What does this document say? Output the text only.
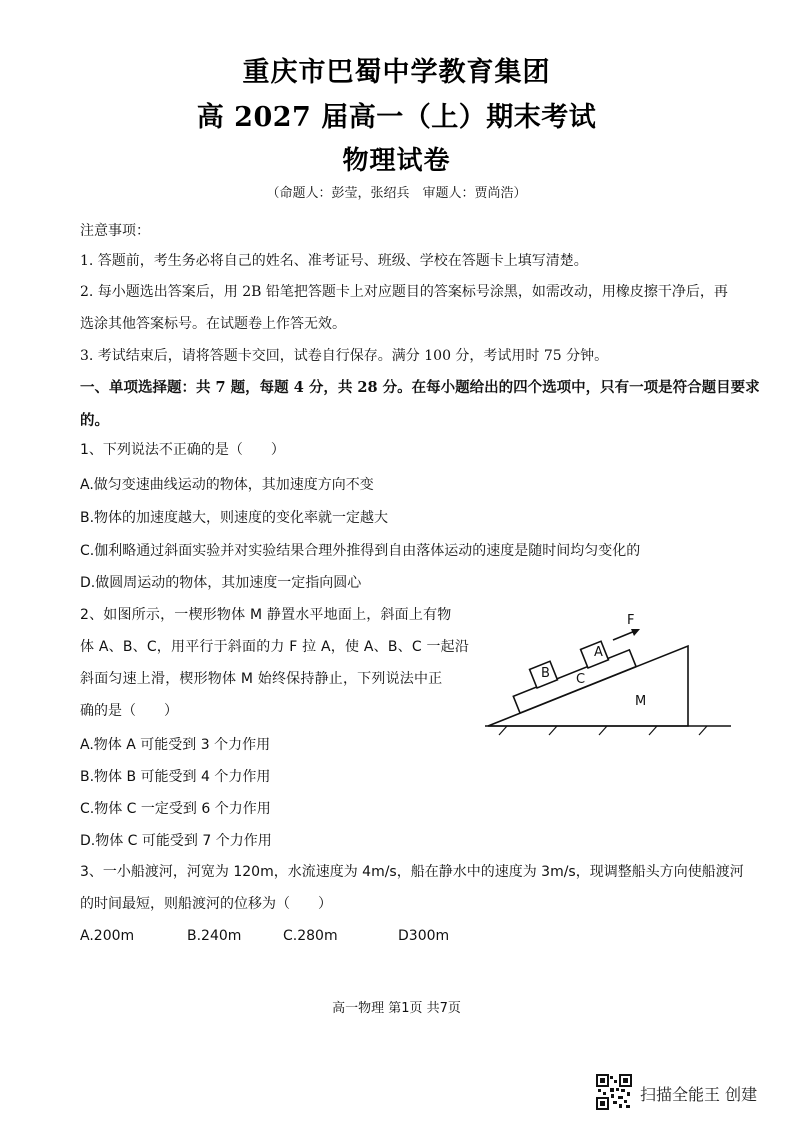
重庆市巴蜀中学教育集团
高 2027 届高一（上）期末考试
物理试卷
（命题人：彭莹，张绍兵　审题人：贾尚浩）
注意事项：
1. 答题前，考生务必将自己的姓名、准考证号、班级、学校在答题卡上填写清楚。
2. 每小题选出答案后，用 2B 铅笔把答题卡上对应题目的答案标号涂黑，如需改动，用橡皮擦干净后，再
选涂其他答案标号。在试题卷上作答无效。
3. 考试结束后，请将答题卡交回，试卷自行保存。满分 100 分，考试用时 75 分钟。
一、单项选择题：共 7 题，每题 4 分，共 28 分。在每小题给出的四个选项中，只有一项是符合题目要求
的。
1、下列说法不正确的是（　　）
A.做匀变速曲线运动的物体，其加速度方向不变
B.物体的加速度越大，则速度的变化率就一定越大
C.伽利略通过斜面实验并对实验结果合理外推得到自由落体运动的速度是随时间均匀变化的
D.做圆周运动的物体，其加速度一定指向圆心
2、如图所示，一楔形物体 M 静置水平地面上，斜面上有物
体 A、B、C，用平行于斜面的力 F 拉 A，使 A、B、C 一起沿
斜面匀速上滑，楔形物体 M 始终保持静止，下列说法中正
确的是（　　）
A.物体 A 可能受到 3 个力作用
B.物体 B 可能受到 4 个力作用
C.物体 C 一定受到 6 个力作用
D.物体 C 可能受到 7 个力作用
M
C
B
A
F
3、一小船渡河，河宽为 120m，水流速度为 4m/s，船在静水中的速度为 3m/s，现调整船头方向使船渡河
的时间最短，则船渡河的位移为（　　）
A.200m	B.240m	C.280m	D300m
高一物理 第1页 共7页
扫描全能王 创建
